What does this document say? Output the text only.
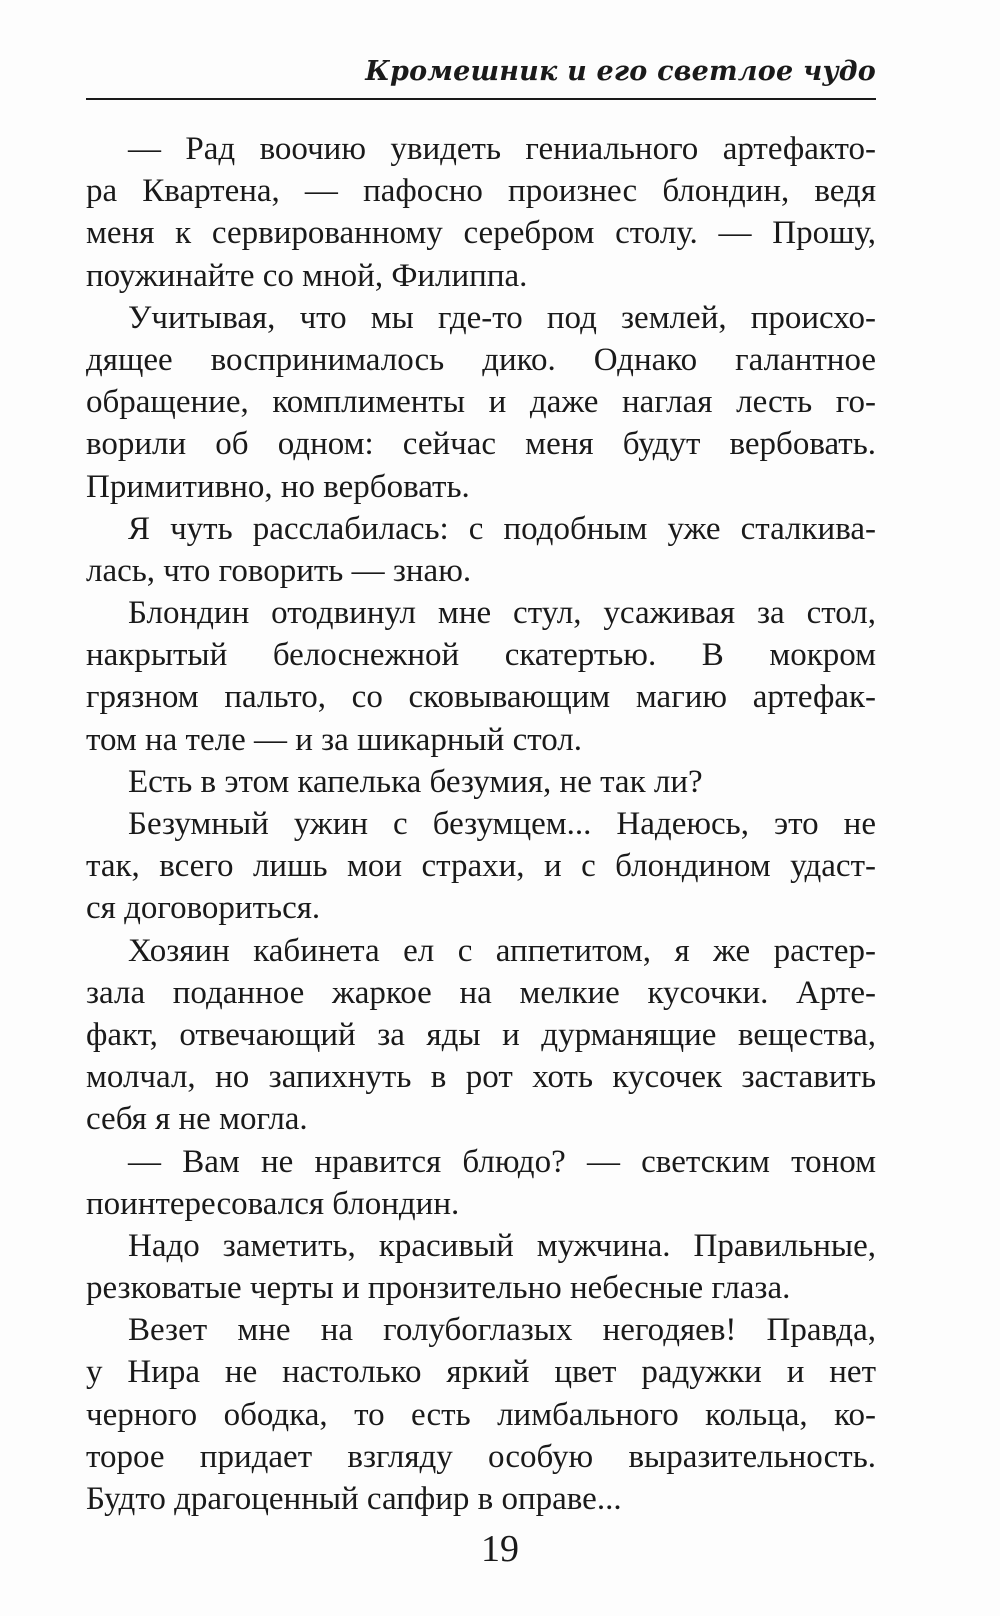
Кромешник и его светлое чудо
— Рад воочию увидеть гениального артефакто-
ра Квартена, — пафосно произнес блондин, ведя
меня к сервированному серебром столу. — Прошу,
поужинайте со мной, Филиппа.
Учитывая, что мы где-то под землей, происхо-
дящее воспринималось дико. Однако галантное
обращение, комплименты и даже наглая лесть го-
ворили об одном: сейчас меня будут вербовать.
Примитивно, но вербовать.
Я чуть расслабилась: с подобным уже сталкива-
лась, что говорить — знаю.
Блондин отодвинул мне стул, усаживая за стол,
накрытый белоснежной скатертью. В мокром
грязном пальто, со сковывающим магию артефак-
том на теле — и за шикарный стол.
Есть в этом капелька безумия, не так ли?
Безумный ужин с безумцем... Надеюсь, это не
так, всего лишь мои страхи, и с блондином удаст-
ся договориться.
Хозяин кабинета ел с аппетитом, я же растер-
зала поданное жаркое на мелкие кусочки. Арте-
факт, отвечающий за яды и дурманящие вещества,
молчал, но запихнуть в рот хоть кусочек заставить
себя я не могла.
— Вам не нравится блюдо? — светским тоном
поинтересовался блондин.
Надо заметить, красивый мужчина. Правильные,
резковатые черты и пронзительно небесные глаза.
Везет мне на голубоглазых негодяев! Правда,
у Нира не настолько яркий цвет радужки и нет
черного ободка, то есть лимбального кольца, ко-
торое придает взгляду особую выразительность.
Будто драгоценный сапфир в оправе...
19
